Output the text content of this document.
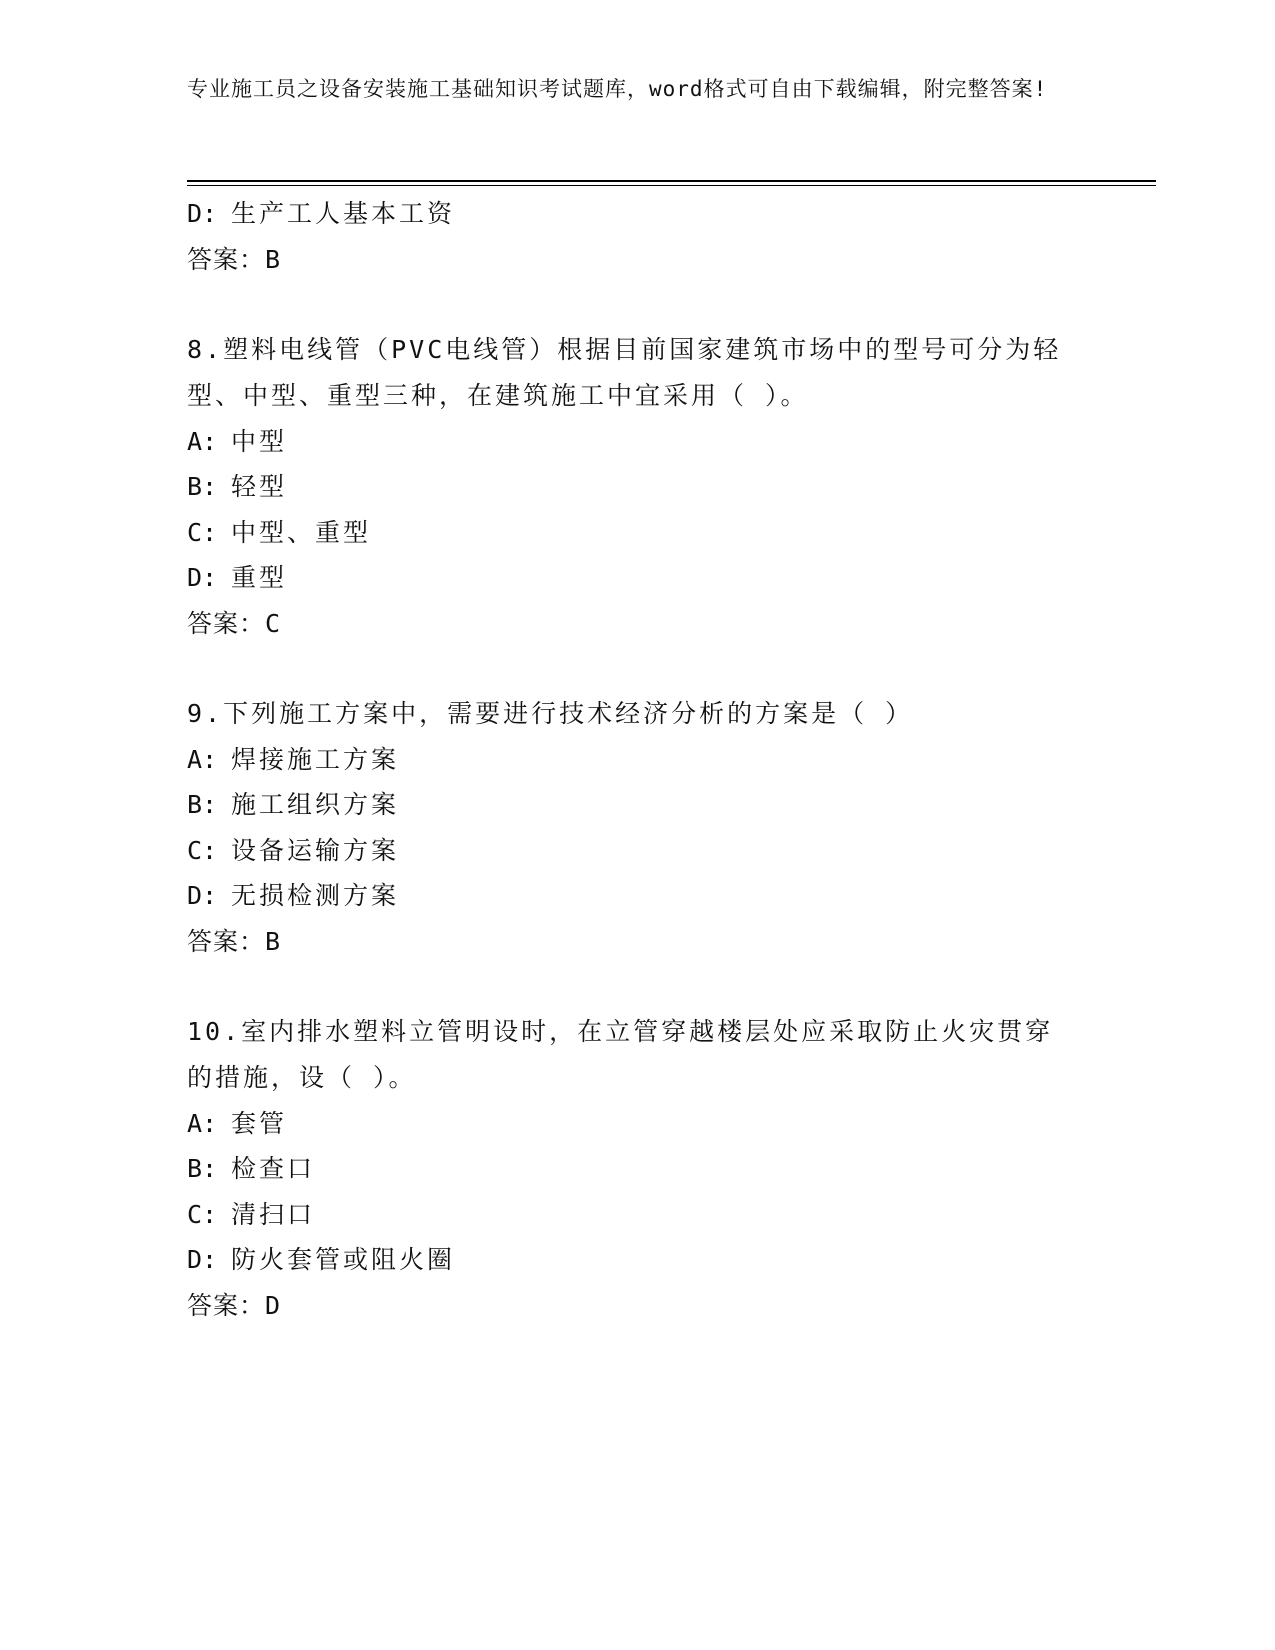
专业施工员之设备安装施工基础知识考试题库，word格式可自由下载编辑，附完整答案!
D: 生产工人基本工资
答案：B
8.塑料电线管（PVC电线管）根据目前国家建筑市场中的型号可分为轻型、中型、重型三种，在建筑施工中宜采用（ ）。
A: 中型
B: 轻型
C: 中型、重型
D: 重型
答案：C
9.下列施工方案中，需要进行技术经济分析的方案是（ ）
A: 焊接施工方案
B: 施工组织方案
C: 设备运输方案
D: 无损检测方案
答案：B
10.室内排水塑料立管明设时，在立管穿越楼层处应采取防止火灾贯穿的措施，设（ ）。
A: 套管
B: 检查口
C: 清扫口
D: 防火套管或阻火圈
答案：D
